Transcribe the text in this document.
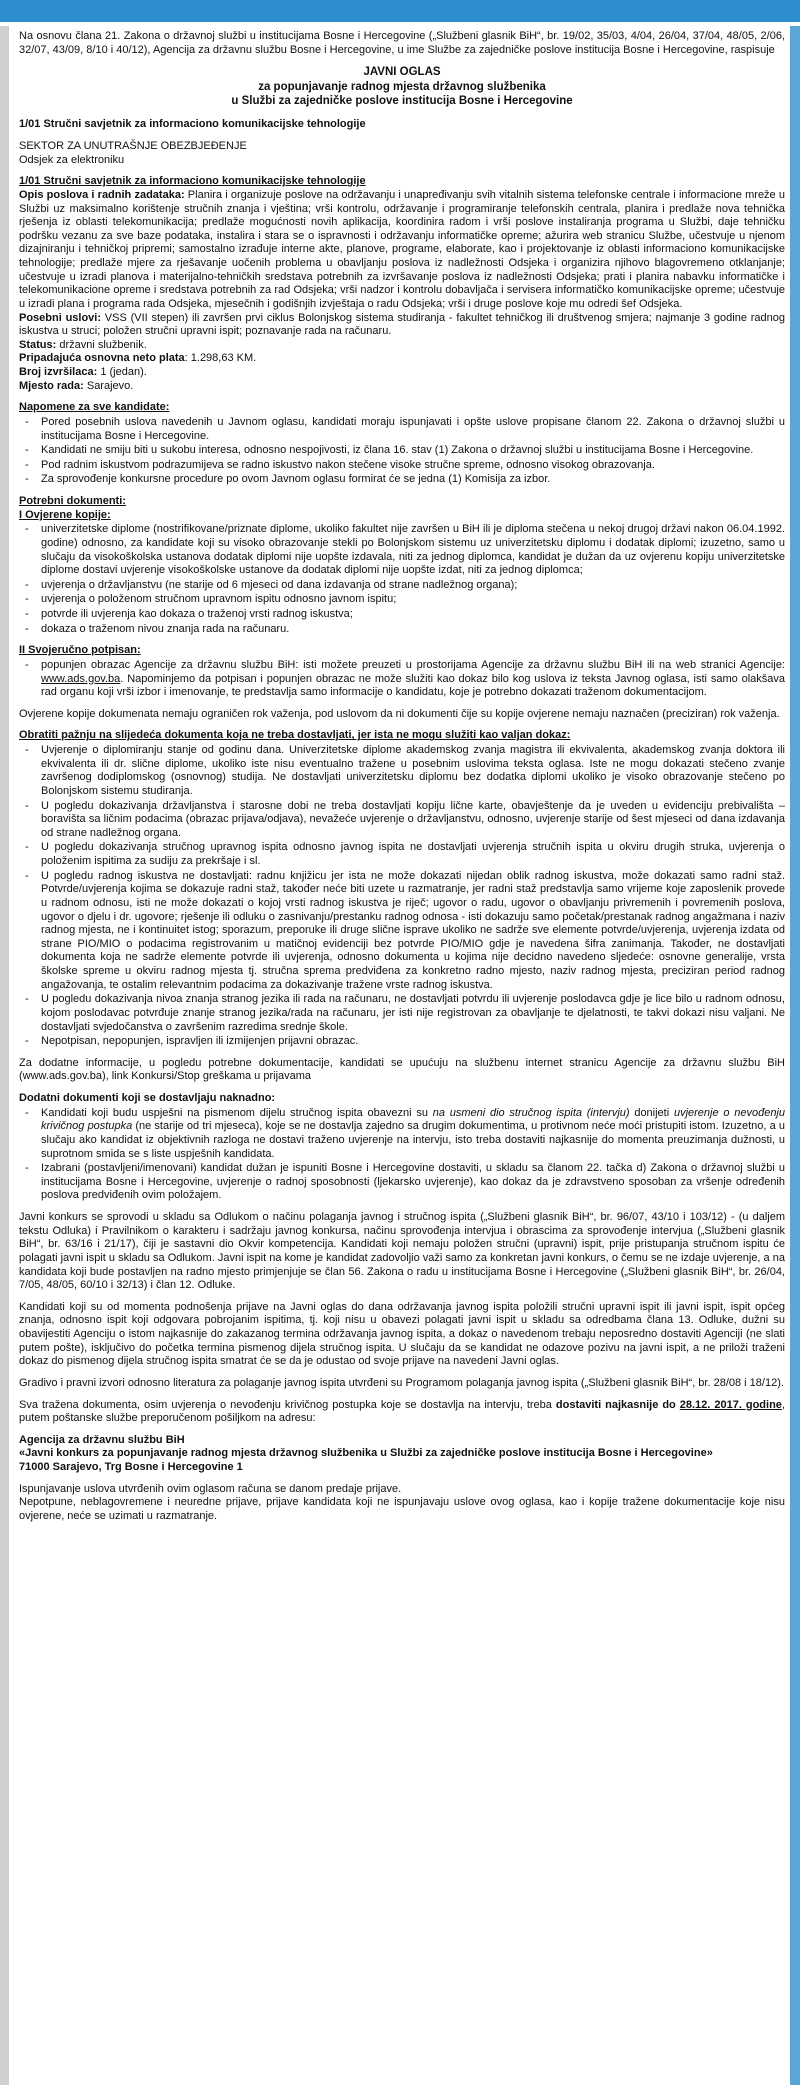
Na osnovu člana 21. Zakona o državnoj službi u institucijama Bosne i Hercegovine („Službeni glasnik BiH“, br. 19/02, 35/03, 4/04, 26/04, 37/04, 48/05, 2/06, 32/07, 43/09, 8/10 i 40/12), Agencija za državnu službu Bosne i Hercegovine, u ime Službe za zajedničke poslove institucija Bosne i Hercegovine, raspisuje

JAVNI OGLAS
za popunjavanje radnog mjesta državnog službenika
u Službi za zajedničke poslove institucija Bosne i Hercegovine

1/01 Stručni savjetnik za informaciono komunikacijske tehnologije

SEKTOR ZA UNUTRAŠNJE OBEZBJEĐENJE
Odsjek za elektroniku
1/01 Stručni savjetnik za informaciono komunikacijske tehnologije
Opis poslova i radnih zadataka: Planira i organizuje poslove na održavanju i unapređivanju svih vitalnih sistema telefonske centrale i informacione mreže u Službi uz maksimalno korištenje stručnih znanja i vještina; vrši kontrolu, održavanje i programiranje telefonskih centrala, planira i predlaže nova tehnička rješenja iz oblasti telekomunikacija; predlaže mogućnosti novih aplikacija, koordinira radom i vrši poslove instaliranja programa u Službi, daje tehničku podršku vezanu za sve baze podataka, instalira i stara se o ispravnosti i održavanju informatičke opreme; ažurira web stranicu Službe, učestvuje u njenom dizajniranju i tehničkoj pripremi; samostalno izrađuje interne akte, planove, programe, elaborate, kao i projektovanje iz oblasti informaciono komunikacijske tehnologije; predlaže mjere za rješavanje uočenih problema u obavljanju poslova iz nadležnosti Odsjeka i organizira njihovo blagovremeno otklanjanje; učestvuje u izradi planova i materijalno-tehničkih sredstava potrebnih za izvršavanje poslova iz nadležnosti Odsjeka; prati i planira nabavku informatičke i telekomunikacione opreme i sredstava potrebnih za rad Odsjeka; vrši nadzor i kontrolu dobavljača i servisera informatičko komunikacijske opreme; učestvuje u izradi plana i programa rada Odsjeka, mjesečnih i godišnjih izvještaja o radu Odsjeka; vrši i druge poslove koje mu odredi šef Odsjeka.
Posebni uslovi: VSS (VII stepen) ili završen prvi ciklus Bolonjskog sistema studiranja - fakultet tehničkog ili društvenog smjera; najmanje 3 godine radnog iskustva u struci; položen stručni upravni ispit; poznavanje rada na računaru.
Status: državni službenik.
Pripadajuća osnovna neto plata: 1.298,63 KM.
Broj izvršilaca: 1 (jedan).
Mjesto rada: Sarajevo.
Napomene za sve kandidate:
- Pored posebnih uslova navedenih u Javnom oglasu, kandidati moraju ispunjavati i opšte uslove propisane članom 22. Zakona o državnoj službi u institucijama Bosne i Hercegovine.
- Kandidati ne smiju biti u sukobu interesa, odnosno nespojivosti, iz člana 16. stav (1) Zakona o državnoj službi u institucijama Bosne i Hercegovine.
- Pod radnim iskustvom podrazumijeva se radno iskustvo nakon stečene visoke stručne spreme, odnosno visokog obrazovanja.
- Za sprovođenje konkursne procedure po ovom Javnom oglasu formirat će se jedna (1) Komisija za izbor.
Potrebni dokumenti:
I Ovjerene kopije:
- univerzitetske diplome (nostrifikovane/priznate diplome, ukoliko fakultet nije završen u BiH ili je diploma stečena u nekoj drugoj državi nakon 06.04.1992. godine) odnosno, za kandidate koji su visoko obrazovanje stekli po Bolonjskom sistemu uz univerzitetsku diplomu i dodatak diplomi; izuzetno, samo u slučaju da visokoškolska ustanova dodatak diplomi nije uopšte izdavala, niti za jednog diplomca, kandidat je dužan da uz ovjerenu kopiju univerzitetske diplome dostavi uvjerenje visokoškolske ustanove da dodatak diplomi nije uopšte izdat, niti za jednog diplomca;
- uvjerenja o državljanstvu (ne starije od 6 mjeseci od dana izdavanja od strane nadležnog organa);
- uvjerenja o položenom stručnom upravnom ispitu odnosno javnom ispitu;
- potvrde ili uvjerenja kao dokaza o traženoj vrsti radnog iskustva;
- dokaza o traženom nivou znanja rada na računaru.
II Svojeručno potpisan:
- popunjen obrazac Agencije za državnu službu BiH: isti možete preuzeti u prostorijama Agencije za državnu službu BiH ili na web stranici Agencije: www.ads.gov.ba. Napominjemo da potpisan i popunjen obrazac ne može služiti kao dokaz bilo kog uslova iz teksta Javnog oglasa, isti samo olakšava rad organu koji vrši izbor i imenovanje, te predstavlja samo informacije o kandidatu, koje je potrebno dokazati traženom dokumentacijom.

Ovjerene kopije dokumenata nemaju ograničen rok važenja, pod uslovom da ni dokumenti čije su kopije ovjerene nemaju naznačen (preciziran) rok važenja.

Obratiti pažnju na slijedeća dokumenta koja ne treba dostavljati, jer ista ne mogu služiti kao valjan dokaz:
- Uvjerenje o diplomiranju stanje od godinu dana. Univerzitetske diplome akademskog zvanja magistra ili ekvivalenta, akademskog zvanja doktora ili ekvivalenta ili dr. slične diplome, ukoliko iste nisu eventualno tražene u posebnim uslovima teksta oglasa. Iste ne mogu dokazati stečeno zvanje završenog dodiplomskog (osnovnog) studija. Ne dostavljati univerzitetsku diplomu bez dodatka diplomi ukoliko je visoko obrazovanje stečeno po Bolonjskom sistemu studiranja.
- U pogledu dokazivanja državljanstva i starosne dobi ne treba dostavljati kopiju lične karte, obavještenje da je uveden u evidenciju prebivališta – boravišta sa ličnim podacima (obrazac prijava/odjava), nevažeće uvjerenje o državljanstvu, odnosno, uvjerenje starije od šest mjeseci od dana izdavanja od strane nadležnog organa.
- U pogledu dokazivanja stručnog upravnog ispita odnosno javnog ispita ne dostavljati uvjerenja stručnih ispita u okviru drugih struka, uvjerenja o položenim ispitima za sudiju za prekršaje i sl.
- U pogledu radnog iskustva ne dostavljati: radnu knjižicu jer ista ne može dokazati nijedan oblik radnog iskustva, može dokazati samo radni staž. Potvrde/uvjerenja kojima se dokazuje radni staž, također neće biti uzete u razmatranje, jer radni staž predstavlja samo vrijeme koje zaposlenik provede u radnom odnosu, isti ne može dokazati o kojoj vrsti radnog iskustva je riječ; ugovor o radu, ugovor o obavljanju privremenih i povremenih poslova, ugovor o djelu i dr. ugovore; rješenje ili odluku o zasnivanju/prestanku radnog odnosa - isti dokazuju samo početak/prestanak radnog angažmana i naziv radnog mjesta, ne i kontinuitet istog; sporazum, preporuke ili druge slične isprave ukoliko ne sadrže sve elemente potvrde/uvjerenja, uvjerenja izdata od strane PIO/MIO o podacima registrovanim u matičnoj evidenciji bez potvrde PIO/MIO gdje je navedena šifra zanimanja. Također, ne dostavljati dokumenta koja ne sadrže elemente potvrde ili uvjerenja, odnosno dokumenta u kojima nije decidno navedeno sljedeće: osnovne generalije, vrsta školske spreme u okviru radnog mjesta tj. stručna sprema predviđena za konkretno radno mjesto, naziv radnog mjesta, preciziran period radnog angažovanja, te ostalim relevantnim podacima za dokazivanje tražene vrste radnog iskustva.
- U pogledu dokazivanja nivoa znanja stranog jezika ili rada na računaru, ne dostavljati potvrdu ili uvjerenje poslodavca gdje je lice bilo u radnom odnosu, kojom poslodavac potvrđuje znanje stranog jezika/rada na računaru, jer isti nije registrovan za obavljanje te djelatnosti, te takvi dokazi nisu valjani. Ne dostavljati svjedočanstva o završenim razredima srednje škole.
- Nepotpisan, nepopunjen, ispravljen ili izmijenjen prijavni obrazac.

Za dodatne informacije, u pogledu potrebne dokumentacije, kandidati se upućuju na službenu internet stranicu Agencije za državnu službu BiH (www.ads.gov.ba), link Konkursi/Stop greškama u prijavama

Dodatni dokumenti koji se dostavljaju naknadno:
- Kandidati koji budu uspješni na pismenom dijelu stručnog ispita obavezni su na usmeni dio stručnog ispita (intervju) donijeti uvjerenje o nevođenju krivičnog postupka (ne starije od tri mjeseca), koje se ne dostavlja zajedno sa drugim dokumentima, u protivnom neće moći pristupiti istom. Izuzetno, a u slučaju ako kandidat iz objektivnih razloga ne dostavi traženo uvjerenje na intervju, isto treba dostaviti najkasnije do momenta preuzimanja dužnosti, u suprotnom smida se s liste uspješnih kandidata.
- Izabrani (postavljeni/imenovani) kandidat dužan je ispuniti Bosne i Hercegovine dostaviti, u skladu sa članom 22. tačka d) Zakona o državnoj službi u institucijama Bosne i Hercegovine, uvjerenje o radnoj sposobnosti (ljekarsko uvjerenje), kao dokaz da je zdravstveno sposoban za vršenje određenih poslova predviđenih ovim položajem.

Javni konkurs se sprovodi u skladu sa Odlukom o načinu polaganja javnog i stručnog ispita („Službeni glasnik BiH“, br. 96/07, 43/10 i 103/12) - (u daljem tekstu Odluka) i Pravilnikom o karakteru i sadržaju javnog konkursa, načinu sprovođenja intervjua i obrascima za sprovođenje intervjua („Službeni glasnik BiH“, br. 63/16 i 21/17), čiji je sastavni dio Okvir kompetencija. Kandidati koji nemaju položen stručni (upravni) ispit, prije pristupanja stručnom ispitu će polagati javni ispit u skladu sa Odlukom. Javni ispit na kome je kandidat zadovoljio važi samo za konkretan javni konkurs, o čemu se ne izdaje uvjerenje, a na kandidata koji bude postavljen na radno mjesto primjenjuje se član 56. Zakona o radu u institucijama Bosne i Hercegovine („Službeni glasnik BiH“, br. 26/04, 7/05, 48/05, 60/10 i 32/13) i član 12. Odluke.

Kandidati koji su od momenta podnošenja prijave na Javni oglas do dana održavanja javnog ispita položili stručni upravni ispit ili javni ispit, ispit općeg znanja, odnosno ispit koji odgovara pobrojanim ispitima, tj. koji nisu u obavezi polagati javni ispit u skladu sa odredbama člana 13. Odluke, dužni su obavijestiti Agenciju o istom najkasnije do zakazanog termina održavanja javnog ispita, a dokaz o navedenom trebaju neposredno dostaviti Agenciji (ne slati putem pošte), isključivo do početka termina pismenog dijela stručnog ispita. U slučaju da se kandidat ne odazove pozivu na javni ispit, a ne priloži traženi dokaz do pismenog dijela stručnog ispita smatrat će se da je odustao od svoje prijave na navedeni Javni oglas.

Gradivo i pravni izvori odnosno literatura za polaganje javnog ispita utvrđeni su Programom polaganja javnog ispita („Službeni glasnik BiH“, br. 28/08 i 18/12).

Sva tražena dokumenta, osim uvjerenja o nevođenju krivičnog postupka koje se dostavlja na intervju, treba dostaviti najkasnije do 28.12. 2017. godine, putem poštanske službe preporučenom pošiljkom na adresu:

Agencija za državnu službu BiH
«Javni konkurs za popunjavanje radnog mjesta državnog službenika u Službi za zajedničke poslove institucija Bosne i Hercegovine»
71000 Sarajevo, Trg Bosne i Hercegovine 1
Ispunjavanje uslova utvrđenih ovim oglasom računa se danom predaje prijave.
Nepotpune, neblagovremene i neuredne prijave, prijave kandidata koji ne ispunjavaju uslove ovog oglasa, kao i kopije tražene dokumentacije koje nisu ovjerene, neće se uzimati u razmatranje.
